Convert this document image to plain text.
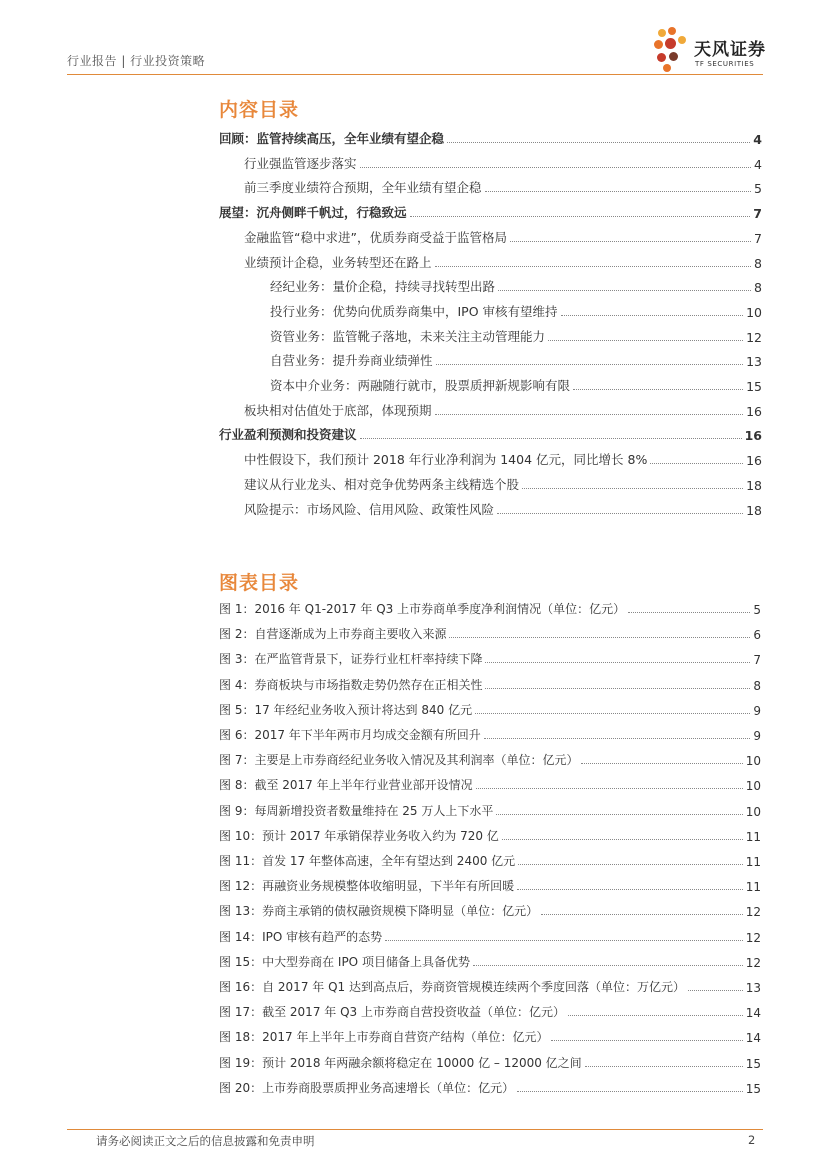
行业报告 | 行业投资策略
天风证券
TF SECURITIES
内容目录
回顾：监管持续高压，全年业绩有望企稳	4
行业强监管逐步落实	4
前三季度业绩符合预期，全年业绩有望企稳	5
展望：沉舟侧畔千帆过，行稳致远	7
金融监管“稳中求进”，优质券商受益于监管格局	7
业绩预计企稳，业务转型还在路上	8
经纪业务：量价企稳，持续寻找转型出路	8
投行业务：优势向优质券商集中，IPO 审核有望维持	10
资管业务：监管靴子落地，未来关注主动管理能力	12
自营业务：提升券商业绩弹性	13
资本中介业务：两融随行就市，股票质押新规影响有限	15
板块相对估值处于底部，体现预期	16
行业盈利预测和投资建议	16
中性假设下，我们预计 2018 年行业净利润为 1404 亿元，同比增长 8%	16
建议从行业龙头、相对竞争优势两条主线精选个股	18
风险提示：市场风险、信用风险、政策性风险	18
图表目录
图 1： 2016 年 Q1-2017 年 Q3 上市券商单季度净利润情况（单位：亿元）	5
图 2： 自营逐渐成为上市券商主要收入来源	6
图 3： 在严监管背景下，证券行业杠杆率持续下降	7
图 4： 券商板块与市场指数走势仍然存在正相关性	8
图 5： 17 年经纪业务收入预计将达到 840 亿元	9
图 6： 2017 年下半年两市月均成交金额有所回升	9
图 7： 主要是上市券商经纪业务收入情况及其利润率（单位：亿元）	10
图 8： 截至 2017 年上半年行业营业部开设情况	10
图 9： 每周新增投资者数量维持在 25 万人上下水平	10
图 10： 预计 2017 年承销保荐业务收入约为 720 亿	11
图 11： 首发 17 年整体高速，全年有望达到 2400 亿元	11
图 12： 再融资业务规模整体收缩明显，下半年有所回暖	11
图 13： 券商主承销的债权融资规模下降明显（单位：亿元）	12
图 14： IPO 审核有趋严的态势	12
图 15： 中大型券商在 IPO 项目储备上具备优势	12
图 16： 自 2017 年 Q1 达到高点后，券商资管规模连续两个季度回落（单位：万亿元）	13
图 17： 截至 2017 年 Q3 上市券商自营投资收益（单位：亿元）	14
图 18： 2017 年上半年上市券商自营资产结构（单位：亿元）	14
图 19： 预计 2018 年两融余额将稳定在 10000 亿 – 12000 亿之间	15
图 20： 上市券商股票质押业务高速增长（单位：亿元）	15
请务必阅读正文之后的信息披露和免责申明	2
